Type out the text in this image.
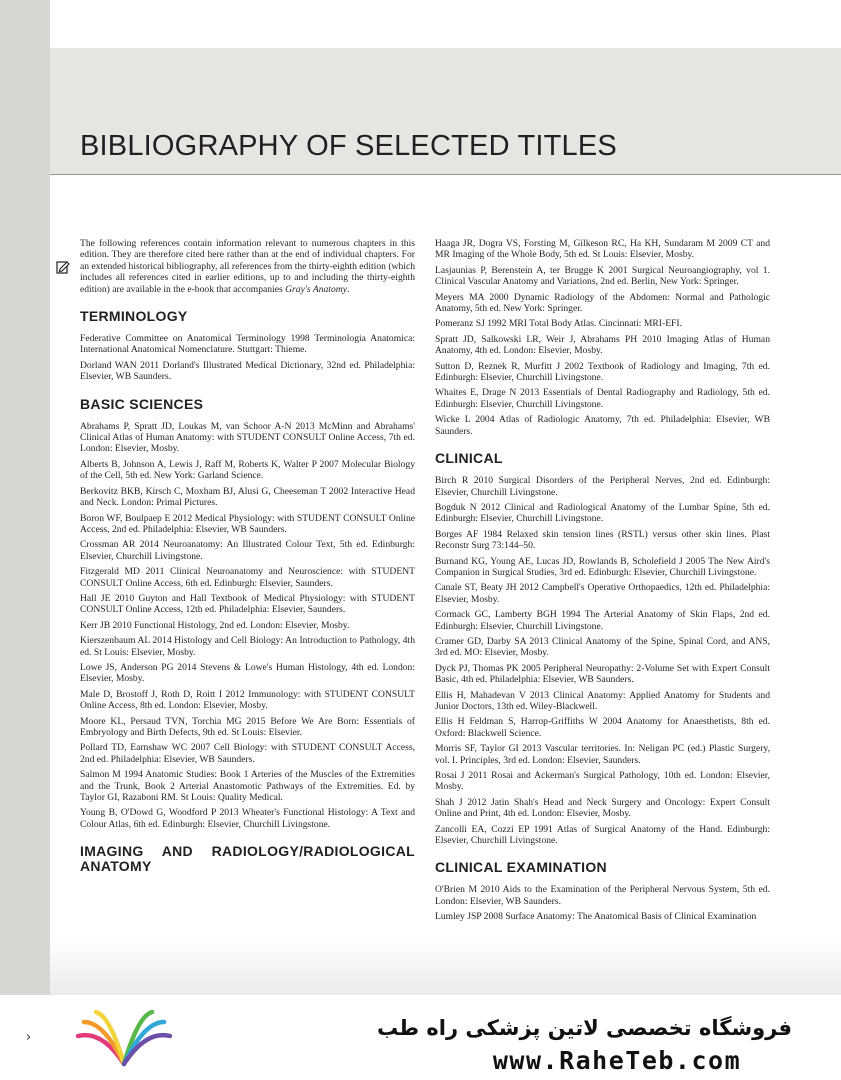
BIBLIOGRAPHY OF SELECTED TITLES

The following references contain information relevant to numerous chapters in this edition. They are therefore cited here rather than at the end of individual chapters. For an extended historical bibliography, all references from the thirty-eighth edition (which includes all references cited in earlier editions, up to and including the thirty-eighth edition) are available in the e-book that accompanies Gray's Anatomy.

TERMINOLOGY

Federative Committee on Anatomical Terminology 1998 Terminologia Anatomica: International Anatomical Nomenclature. Stuttgart: Thieme.

Dorland WAN 2011 Dorland's Illustrated Medical Dictionary, 32nd ed. Philadelphia: Elsevier, WB Saunders.

BASIC SCIENCES

Abrahams P, Spratt JD, Loukas M, van Schoor A-N 2013 McMinn and Abrahams' Clinical Atlas of Human Anatomy: with STUDENT CONSULT Online Access, 7th ed. London: Elsevier, Mosby.

Alberts B, Johnson A, Lewis J, Raff M, Roberts K, Walter P 2007 Molecular Biology of the Cell, 5th ed. New York: Garland Science.

Berkovitz BKB, Kirsch C, Moxham BJ, Alusi G, Cheeseman T 2002 Interactive Head and Neck. London: Primal Pictures.

Boron WF, Boulpaep E 2012 Medical Physiology: with STUDENT CONSULT Online Access, 2nd ed. Philadelphia: Elsevier, WB Saunders.

Crossman AR 2014 Neuroanatomy: An Illustrated Colour Text, 5th ed. Edinburgh: Elsevier, Churchill Livingstone.

Fitzgerald MD 2011 Clinical Neuroanatomy and Neuroscience: with STUDENT CONSULT Online Access, 6th ed. Edinburgh: Elsevier, Saunders.

Hall JE 2010 Guyton and Hall Textbook of Medical Physiology: with STUDENT CONSULT Online Access, 12th ed. Philadelphia: Elsevier, Saunders.

Kerr JB 2010 Functional Histology, 2nd ed. London: Elsevier, Mosby.

Kierszenbaum AL 2014 Histology and Cell Biology: An Introduction to Pathology, 4th ed. St Louis: Elsevier, Mosby.

Lowe JS, Anderson PG 2014 Stevens & Lowe's Human Histology, 4th ed. London: Elsevier, Mosby.

Male D, Brostoff J, Roth D, Roitt I 2012 Immunology: with STUDENT CONSULT Online Access, 8th ed. London: Elsevier, Mosby.

Moore KL, Persaud TVN, Torchia MG 2015 Before We Are Born: Essentials of Embryology and Birth Defects, 9th ed. St Louis: Elsevier.

Pollard TD, Earnshaw WC 2007 Cell Biology: with STUDENT CONSULT Access, 2nd ed. Philadelphia: Elsevier, WB Saunders.

Salmon M 1994 Anatomic Studies: Book 1 Arteries of the Muscles of the Extremities and the Trunk, Book 2 Arterial Anastomotic Pathways of the Extremities. Ed. by Taylor GI, Razaboni RM. St Louis: Quality Medical.

Young B, O'Dowd G, Woodford P 2013 Wheater's Functional Histology: A Text and Colour Atlas, 6th ed. Edinburgh: Elsevier, Churchill Livingstone.

IMAGING AND RADIOLOGY/RADIOLOGICAL ANATOMY

Haaga JR, Dogra VS, Forsting M, Gilkeson RC, Ha KH, Sundaram M 2009 CT and MR Imaging of the Whole Body, 5th ed. St Louis: Elsevier, Mosby.

Lasjaunias P, Berenstein A, ter Brugge K 2001 Surgical Neuroangiography, vol 1. Clinical Vascular Anatomy and Variations, 2nd ed. Berlin, New York: Springer.

Meyers MA 2000 Dynamic Radiology of the Abdomen: Normal and Pathologic Anatomy, 5th ed. New York: Springer.

Pomeranz SJ 1992 MRI Total Body Atlas. Cincinnati: MRI-EFI.

Spratt JD, Salkowski LR, Weir J, Abrahams PH 2010 Imaging Atlas of Human Anatomy, 4th ed. London: Elsevier, Mosby.

Sutton D, Reznek R, Murfitt J 2002 Textbook of Radiology and Imaging, 7th ed. Edinburgh: Elsevier, Churchill Livingstone.

Whaites E, Drage N 2013 Essentials of Dental Radiography and Radiology, 5th ed. Edinburgh: Elsevier, Churchill Livingstone.

Wicke L 2004 Atlas of Radiologic Anatomy, 7th ed. Philadelphia: Elsevier, WB Saunders.

CLINICAL

Birch R 2010 Surgical Disorders of the Peripheral Nerves, 2nd ed. Edinburgh: Elsevier, Churchill Livingstone.

Bogduk N 2012 Clinical and Radiological Anatomy of the Lumbar Spine, 5th ed. Edinburgh: Elsevier, Churchill Livingstone.

Borges AF 1984 Relaxed skin tension lines (RSTL) versus other skin lines. Plast Reconstr Surg 73:144–50.

Burnand KG, Young AE, Lucas JD, Rowlands B, Scholefield J 2005 The New Aird's Companion in Surgical Studies, 3rd ed. Edinburgh: Elsevier, Churchill Livingstone.

Canale ST, Beaty JH 2012 Campbell's Operative Orthopaedics, 12th ed. Philadelphia: Elsevier, Mosby.

Cormack GC, Lamberty BGH 1994 The Arterial Anatomy of Skin Flaps, 2nd ed. Edinburgh: Elsevier, Churchill Livingstone.

Cramer GD, Darby SA 2013 Clinical Anatomy of the Spine, Spinal Cord, and ANS, 3rd ed. MO: Elsevier, Mosby.

Dyck PJ, Thomas PK 2005 Peripheral Neuropathy: 2-Volume Set with Expert Consult Basic, 4th ed. Philadelphia: Elsevier, WB Saunders.

Ellis H, Mahadevan V 2013 Clinical Anatomy: Applied Anatomy for Students and Junior Doctors, 13th ed. Wiley-Blackwell.

Ellis H Feldman S, Harrop-Griffiths W 2004 Anatomy for Anaesthetists, 8th ed. Oxford: Blackwell Science.

Morris SF, Taylor GI 2013 Vascular territories. In: Neligan PC (ed.) Plastic Surgery, vol. I. Principles, 3rd ed. London: Elsevier, Saunders.

Rosai J 2011 Rosai and Ackerman's Surgical Pathology, 10th ed. London: Elsevier, Mosby.

Shah J 2012 Jatin Shah's Head and Neck Surgery and Oncology: Expert Consult Online and Print, 4th ed. London: Elsevier, Mosby.

Zancolli EA, Cozzi EP 1991 Atlas of Surgical Anatomy of the Hand. Edinburgh: Elsevier, Churchill Livingstone.

CLINICAL EXAMINATION

O'Brien M 2010 Aids to the Examination of the Peripheral Nervous System, 5th ed. London: Elsevier, WB Saunders.

Lumley JSP 2008 Surface Anatomy: The Anatomical Basis of Clinical Examination

›	فروشگاه تخصصی لاتین پزشکی راه طب
www.RaheTeb.com
